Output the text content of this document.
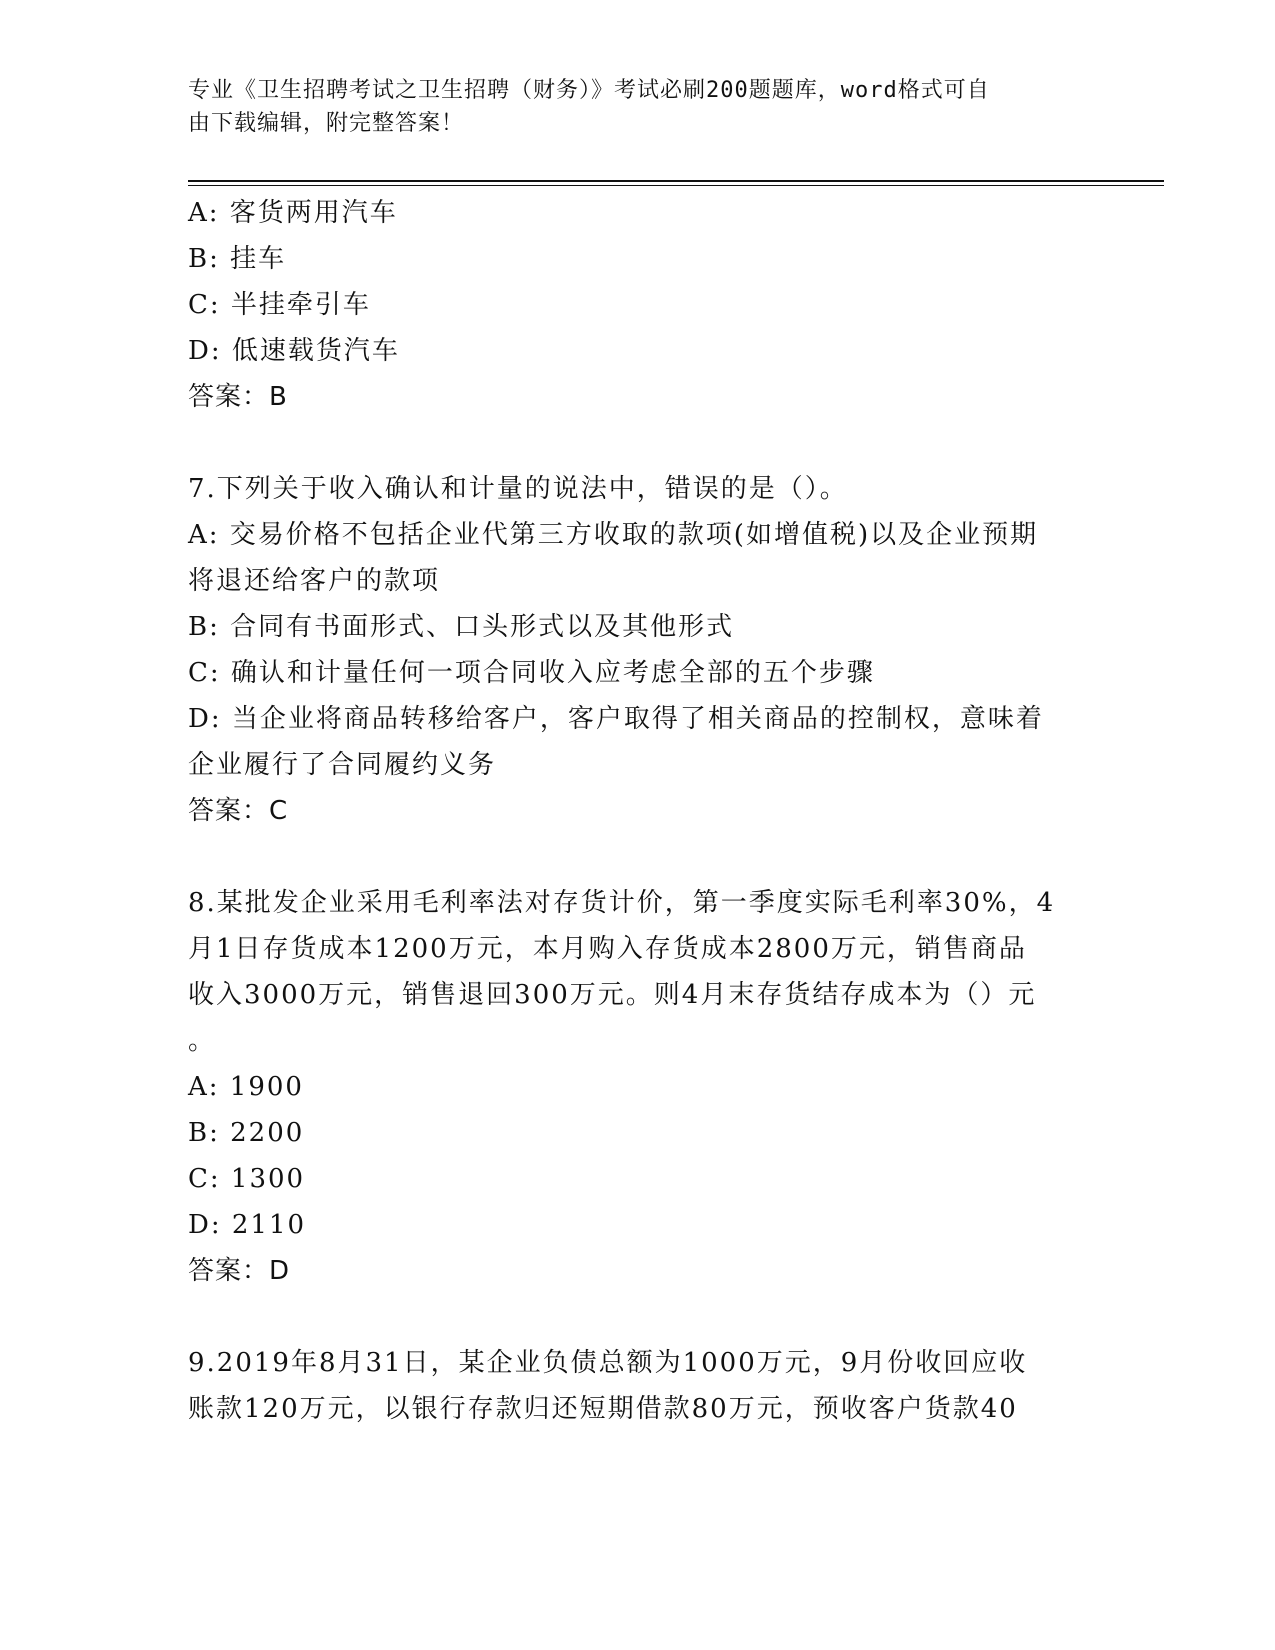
专业《卫生招聘考试之卫生招聘（财务）》考试必刷200题题库，word格式可自
由下载编辑，附完整答案！
A: 客货两用汽车
B: 挂车
C: 半挂牵引车
D: 低速载货汽车
答案：B
7.下列关于收入确认和计量的说法中，错误的是（）。
A: 交易价格不包括企业代第三方收取的款项(如增值税)以及企业预期
将退还给客户的款项
B: 合同有书面形式、口头形式以及其他形式
C: 确认和计量任何一项合同收入应考虑全部的五个步骤
D: 当企业将商品转移给客户，客户取得了相关商品的控制权，意味着
企业履行了合同履约义务
答案：C
8.某批发企业采用毛利率法对存货计价，第一季度实际毛利率30%，4
月1日存货成本1200万元，本月购入存货成本2800万元，销售商品
收入3000万元，销售退回300万元。则4月末存货结存成本为（）元
。
A: 1900
B: 2200
C: 1300
D: 2110
答案：D
9.2019年8月31日，某企业负债总额为1000万元，9月份收回应收
账款120万元，以银行存款归还短期借款80万元，预收客户货款40
